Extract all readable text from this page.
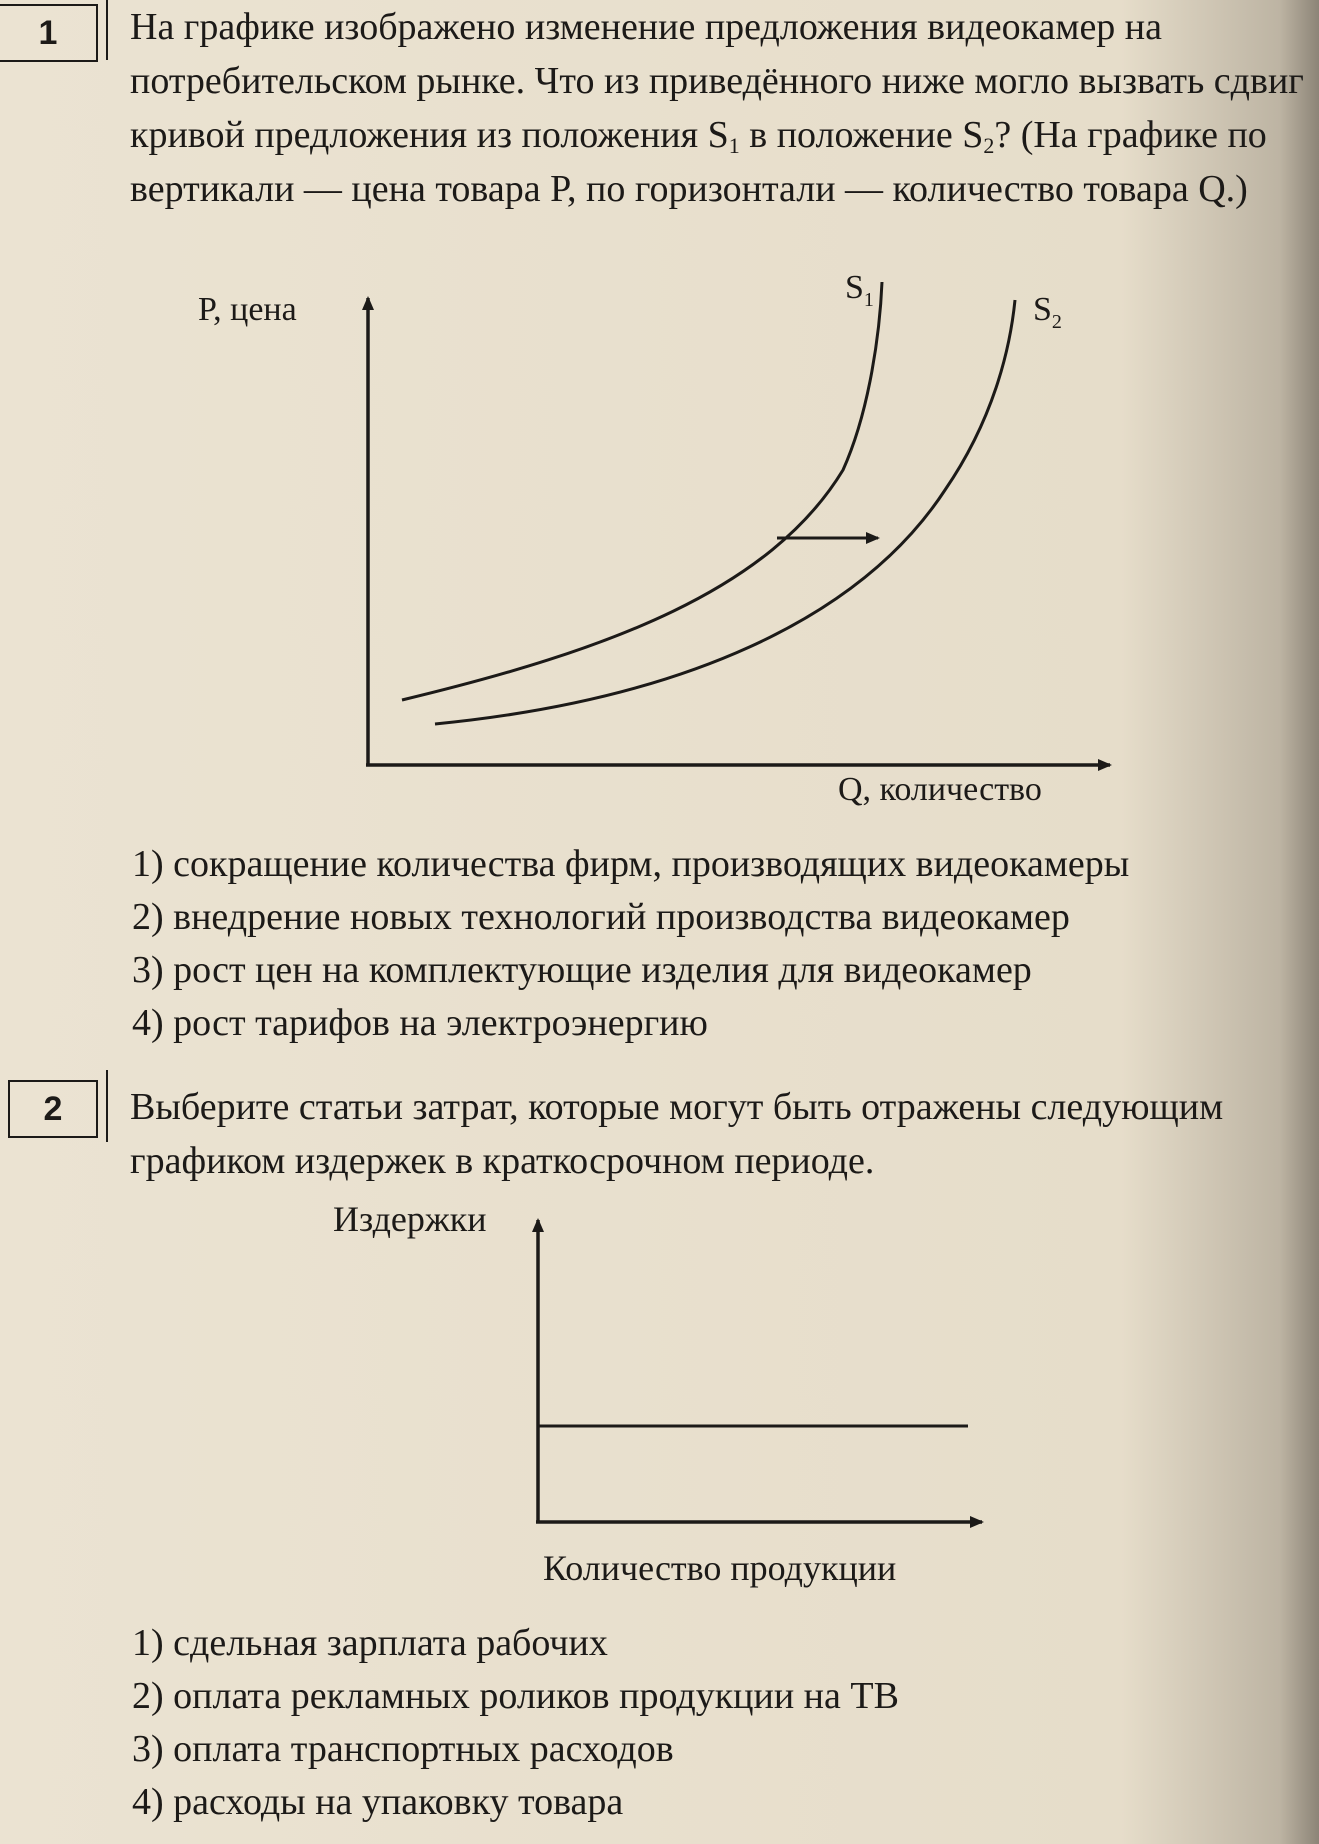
1	На графике изображено изменение предложения видеокамер на потребительском рынке. Что из приведённого ниже могло вызвать сдвиг кривой предложения из положения $S_1$ в положение $S_2$? (На графике по вертикали — цена товара P, по горизонтали — количество товара Q.)

P, цена
Q, количество
$S_1$	$S_2$
1) сокращение количества фирм, производящих видеокамеры
2) внедрение новых технологий производства видеокамер
3) рост цен на комплектующие изделия для видеокамер
4) рост тарифов на электроэнергию
2	Выберите статьи затрат, которые могут быть отражены следующим графиком издержек в краткосрочном периоде.

Издержки
Количество продукции
1) сдельная зарплата рабочих
2) оплата рекламных роликов продукции на ТВ
3) оплата транспортных расходов
4) расходы на упаковку товара
